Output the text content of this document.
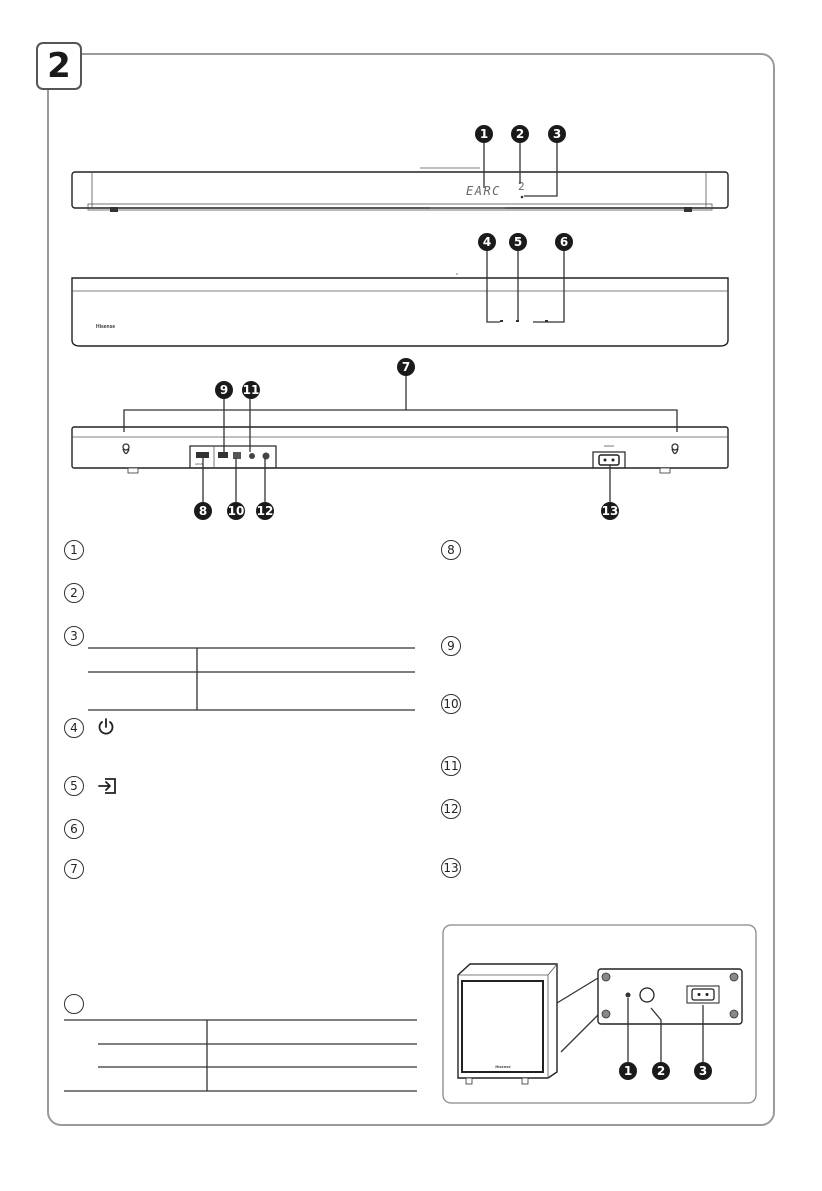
2
EARC 2
1 2 3
Hisense
4 5	6
HDMI
7
9 11
8 10 12	13
Hisense	1 2	3
1
2
3
4
5
6
7
8
9
10
11
12
13
